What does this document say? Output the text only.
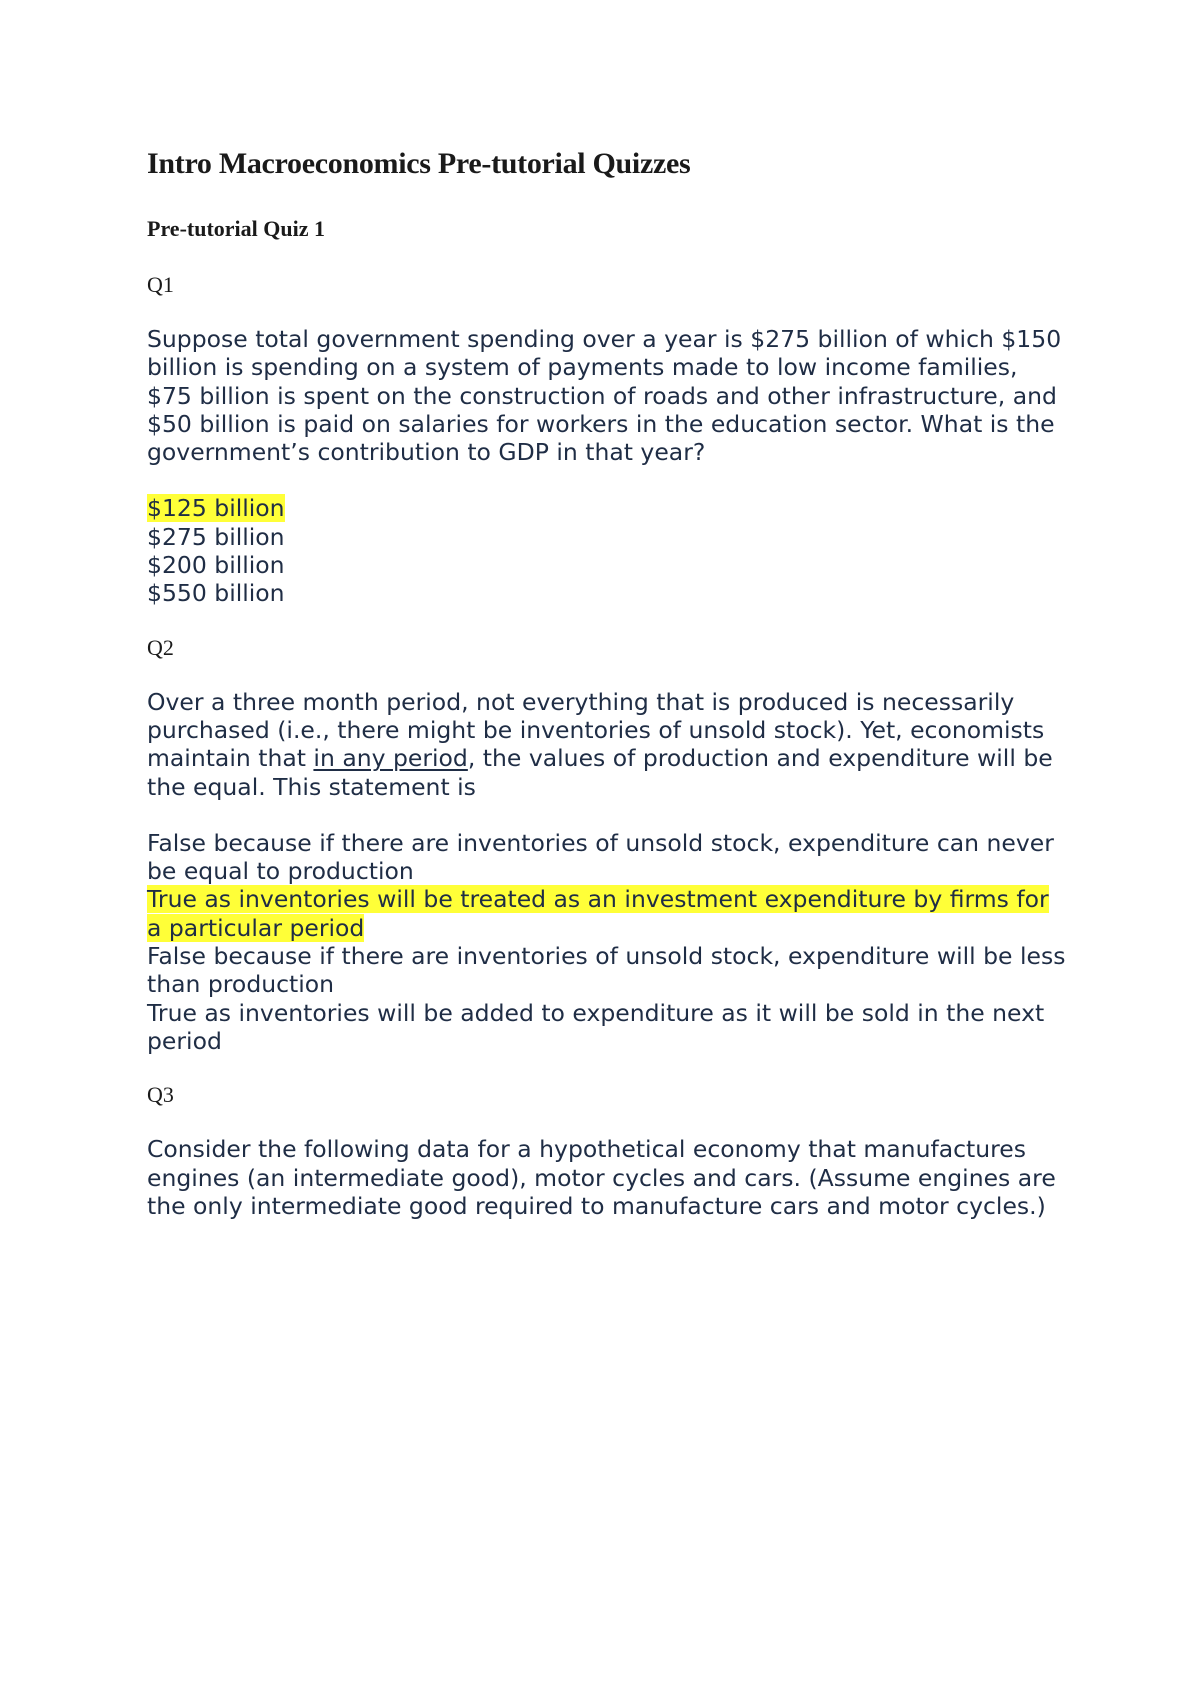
Intro Macroeconomics Pre-tutorial Quizzes
Pre-tutorial Quiz 1
Q1
Suppose total government spending over a year is $275 billion of which $150 billion is spending on a system of payments made to low income families, $75 billion is spent on the construction of roads and other infrastructure, and $50 billion is paid on salaries for workers in the education sector. What is the government’s contribution to GDP in that year?
$125 billion
$275 billion
$200 billion
$550 billion
Q2
Over a three month period, not everything that is produced is necessarily purchased (i.e., there might be inventories of unsold stock). Yet, economists maintain that in any period, the values of production and expenditure will be the equal. This statement is
False because if there are inventories of unsold stock, expenditure can never be equal to production
True as inventories will be treated as an investment expenditure by firms for a particular period
False because if there are inventories of unsold stock, expenditure will be less than production
True as inventories will be added to expenditure as it will be sold in the next period
Q3
Consider the following data for a hypothetical economy that manufactures engines (an intermediate good), motor cycles and cars. (Assume engines are the only intermediate good required to manufacture cars and motor cycles.)
